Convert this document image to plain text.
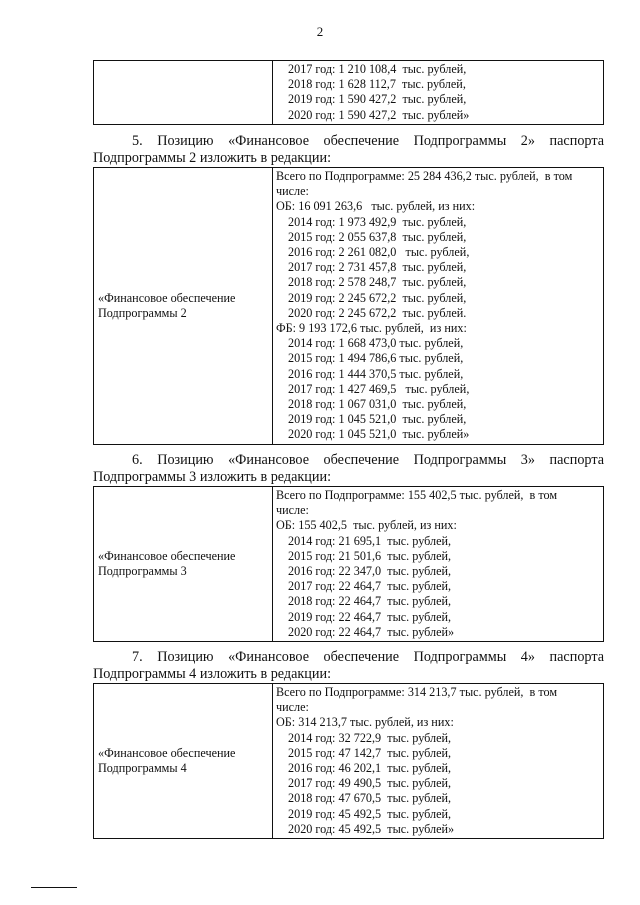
2

2017 год: 1 210 108,4  тыс. рублей,
2018 год: 1 628 112,7  тыс. рублей,
2019 год: 1 590 427,2  тыс. рублей,
2020 год: 1 590 427,2  тыс. рублей»
5. Позицию «Финансовое обеспечение Подпрограммы 2» паспорта
Подпрограммы 2 изложить в редакции:
«Финансовое обеспечение
Подпрограммы 2

Всего по Подпрограмме: 25 284 436,2 тыс. рублей,  в том
числе:
ОБ: 16 091 263,6   тыс. рублей, из них:
2014 год: 1 973 492,9  тыс. рублей,
2015 год: 2 055 637,8  тыс. рублей,
2016 год: 2 261 082,0   тыс. рублей,
2017 год: 2 731 457,8  тыс. рублей,
2018 год: 2 578 248,7  тыс. рублей,
2019 год: 2 245 672,2  тыс. рублей,
2020 год: 2 245 672,2  тыс. рублей.
ФБ: 9 193 172,6 тыс. рублей,  из них:
2014 год: 1 668 473,0 тыс. рублей,
2015 год: 1 494 786,6 тыс. рублей,
2016 год: 1 444 370,5 тыс. рублей,
2017 год: 1 427 469,5   тыс. рублей,
2018 год: 1 067 031,0  тыс. рублей,
2019 год: 1 045 521,0  тыс. рублей,
2020 год: 1 045 521,0  тыс. рублей»
6. Позицию «Финансовое обеспечение Подпрограммы 3» паспорта
Подпрограммы 3 изложить в редакции:
«Финансовое обеспечение
Подпрограммы 3

Всего по Подпрограмме: 155 402,5 тыс. рублей,  в том
числе:
ОБ: 155 402,5  тыс. рублей, из них:
2014 год: 21 695,1  тыс. рублей,
2015 год: 21 501,6  тыс. рублей,
2016 год: 22 347,0  тыс. рублей,
2017 год: 22 464,7  тыс. рублей,
2018 год: 22 464,7  тыс. рублей,
2019 год: 22 464,7  тыс. рублей,
2020 год: 22 464,7  тыс. рублей»
7. Позицию «Финансовое обеспечение Подпрограммы 4» паспорта
Подпрограммы 4 изложить в редакции:
«Финансовое обеспечение
Подпрограммы 4

Всего по Подпрограмме: 314 213,7 тыс. рублей,  в том
числе:
ОБ: 314 213,7 тыс. рублей, из них:
2014 год: 32 722,9  тыс. рублей,
2015 год: 47 142,7  тыс. рублей,
2016 год: 46 202,1  тыс. рублей,
2017 год: 49 490,5  тыс. рублей,
2018 год: 47 670,5  тыс. рублей,
2019 год: 45 492,5  тыс. рублей,
2020 год: 45 492,5  тыс. рублей»
